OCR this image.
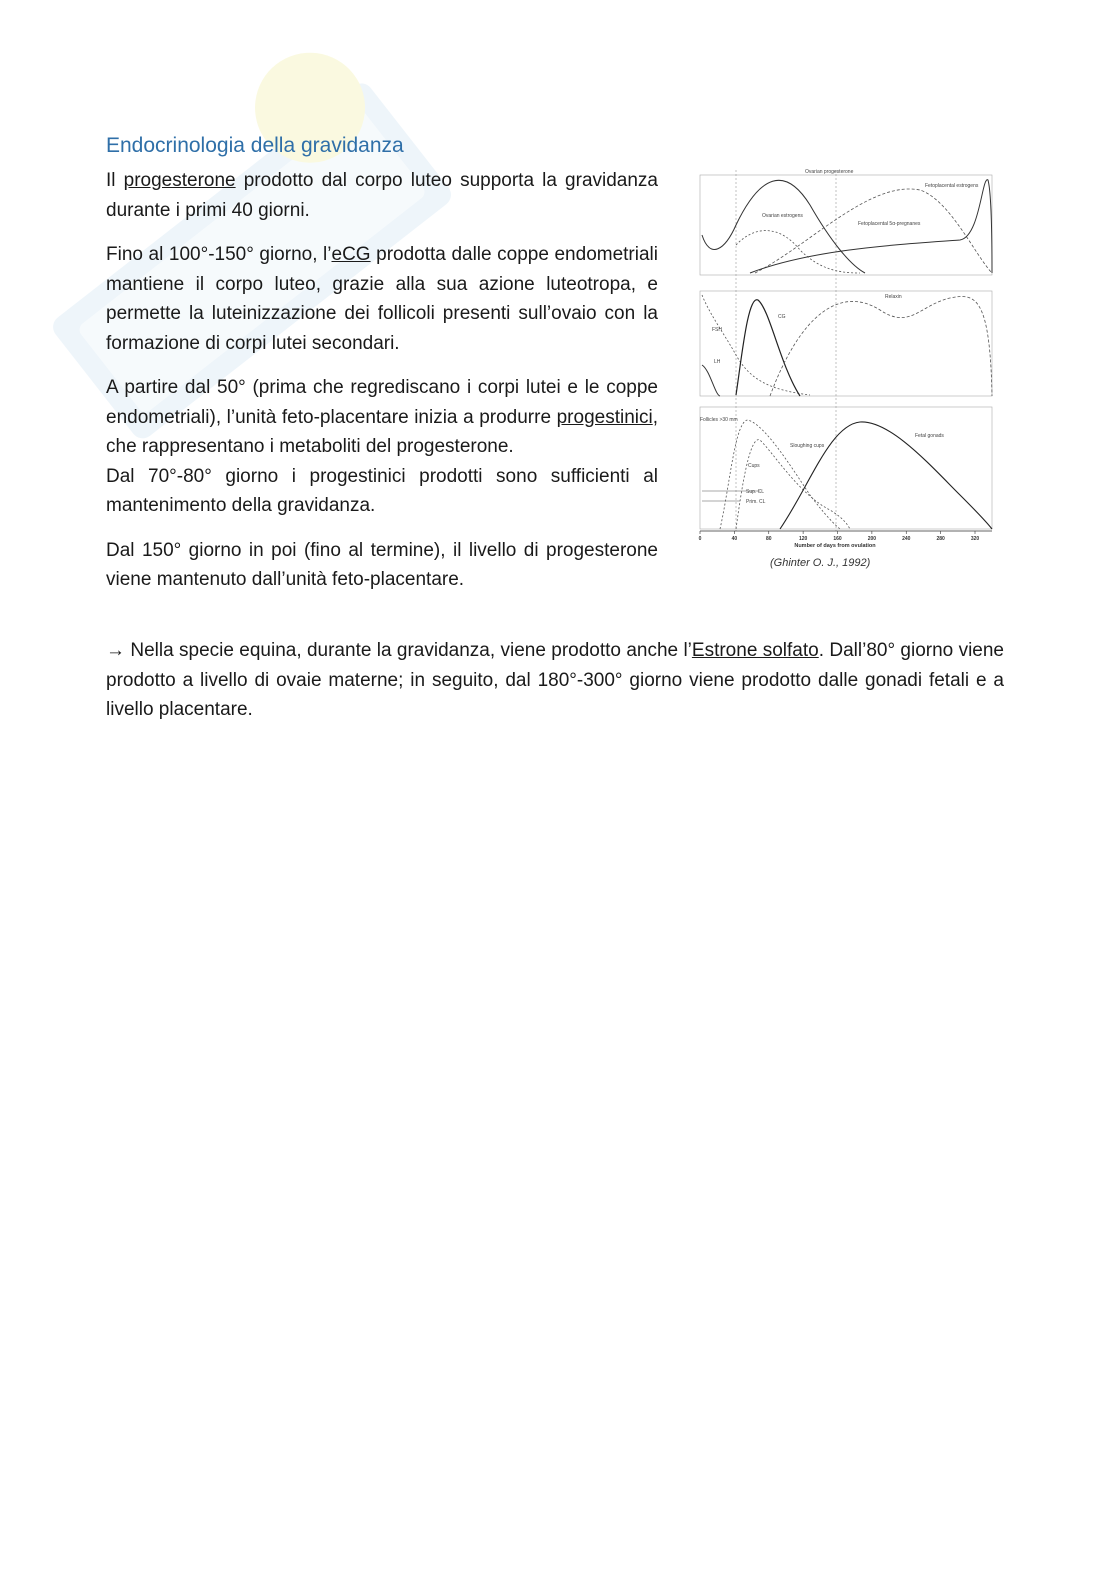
Endocrinologia della gravidanza

Il progesterone prodotto dal corpo luteo supporta la gravidanza durante i primi 40 giorni.

Fino al 100°-150° giorno, l’eCG prodotta dalle coppe endometriali mantiene il corpo luteo, grazie alla sua azione luteotropa, e permette la luteinizzazione dei follicoli presenti sull’ovaio con la formazione di corpi lutei secondari.

A partire dal 50° (prima che regrediscano i corpi lutei e le coppe endometriali), l’unità feto-placentare inizia a produrre progestinici, che rappresentano i metaboliti del progesterone.

Dal 70°-80° giorno i progestinici prodotti sono sufficienti al mantenimento della gravidanza.

Dal 150° giorno in poi (fino al termine), il livello di progesterone viene mantenuto dall’unità feto-placentare.

→ Nella specie equina, durante la gravidanza, viene prodotto anche l’Estrone solfato. Dall’80° giorno viene prodotto a livello di ovaie materne; in seguito, dal 180°-300° giorno viene prodotto dalle gonadi fetali e a livello placentare.

Ovarian progesterone
Fetoplacental estrogens
Ovarian estrogens
Fetoplacental 5α-pregnanes
Relaxin
CG
FSH
LH
Follicles >30 mm
Sloughing cups
Cups
Sup. CL
Prim. CL
Fetal gonads
0	40	80	120	160	200	240	280	320
Number of days from ovulation
(Ghinter O. J., 1992)
